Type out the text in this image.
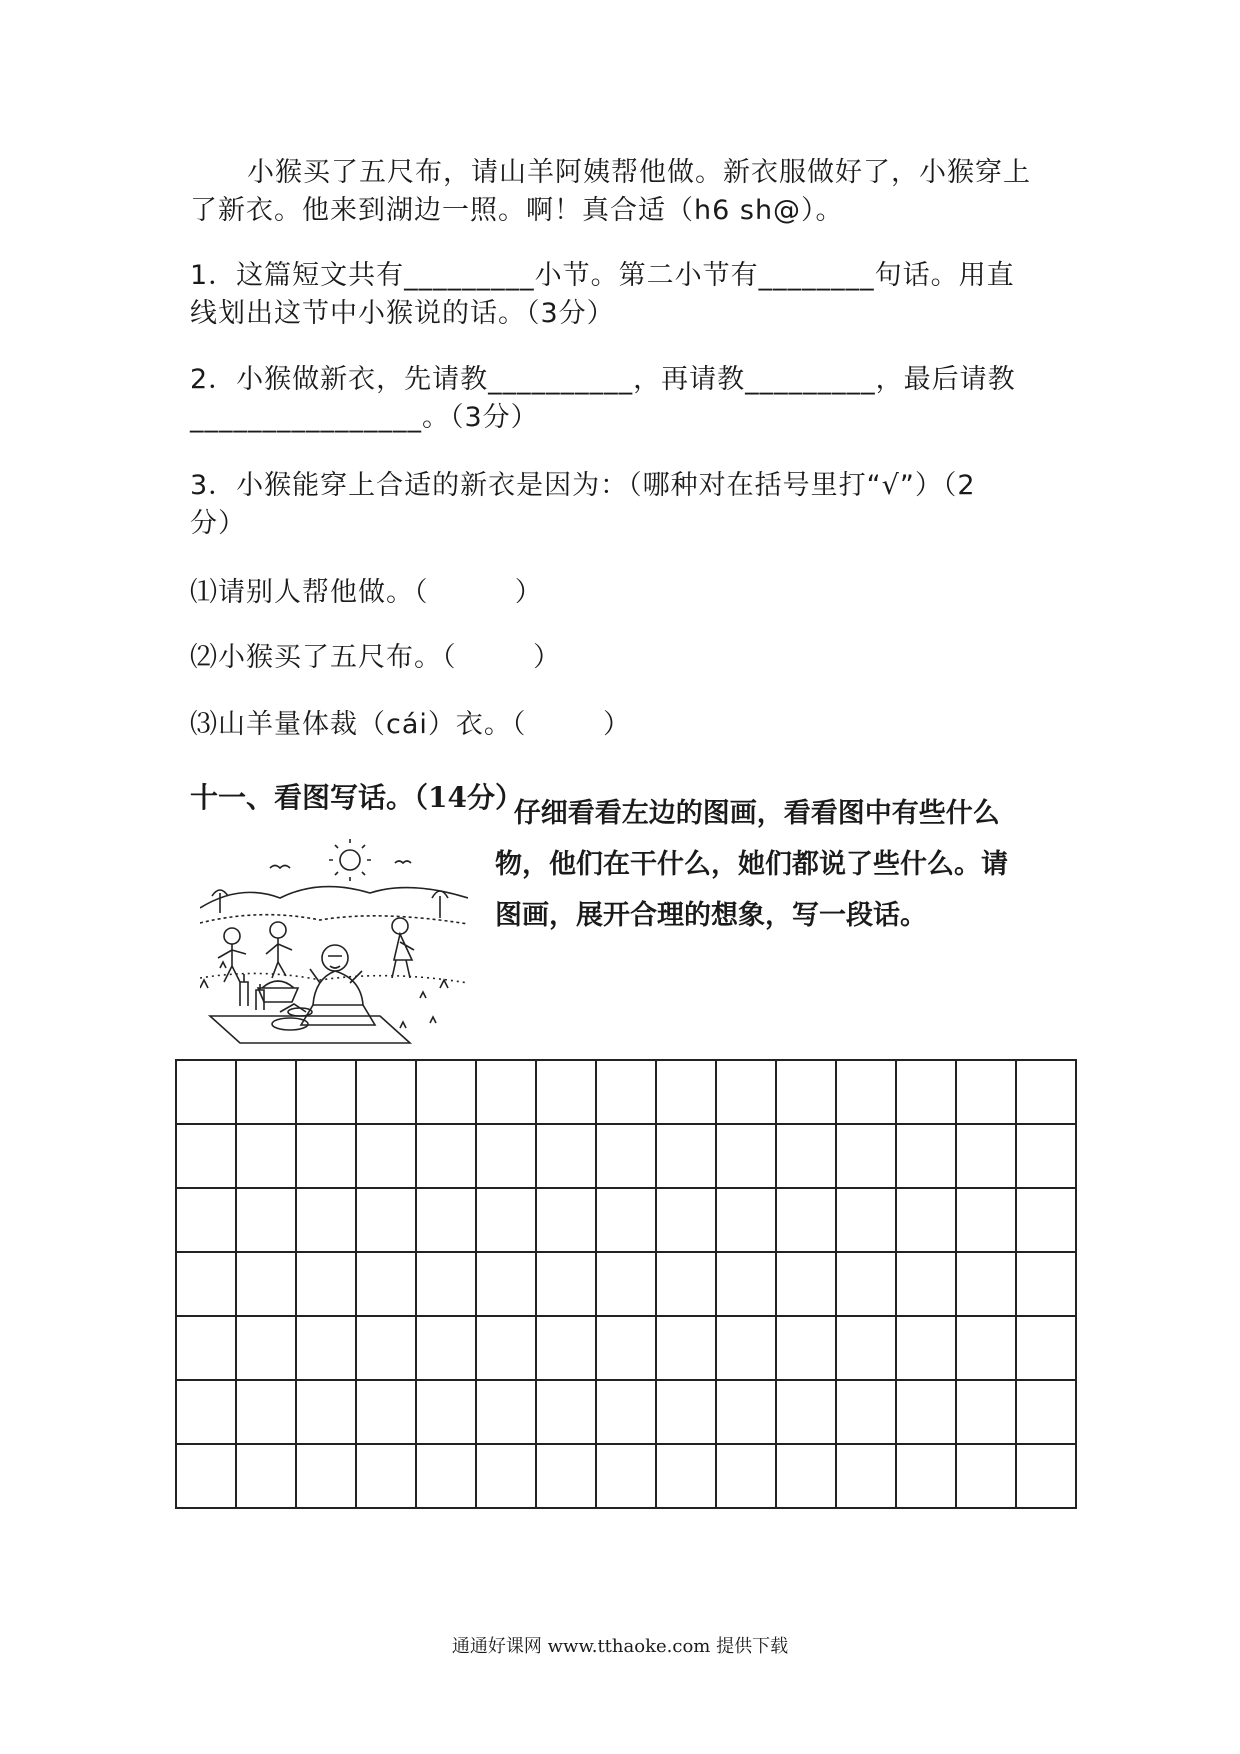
小猴买了五尺布，请山羊阿姨帮他做。新衣服做好了，小猴穿上
了新衣。他来到湖边一照。啊！真合适（h6 sh@）。
1．这篇短文共有_________小节。第二小节有________句话。用直
线划出这节中小猴说的话。（3分）
2．小猴做新衣，先请教__________，再请教_________，最后请教
________________。（3分）
3．小猴能穿上合适的新衣是因为：（哪种对在括号里打“√”）（2
分）
⑴请别人帮他做。（         ）
⑵小猴买了五尺布。（        ）
⑶山羊量体裁（cái）衣。（        ）
十一、看图写话。（14分）
仔细看看左边的图画，看看图中有些什么
物，他们在干什么，她们都说了些什么。请
图画，展开合理的想象，写一段话。

通通好课网 www.tthaoke.com 提供下载
